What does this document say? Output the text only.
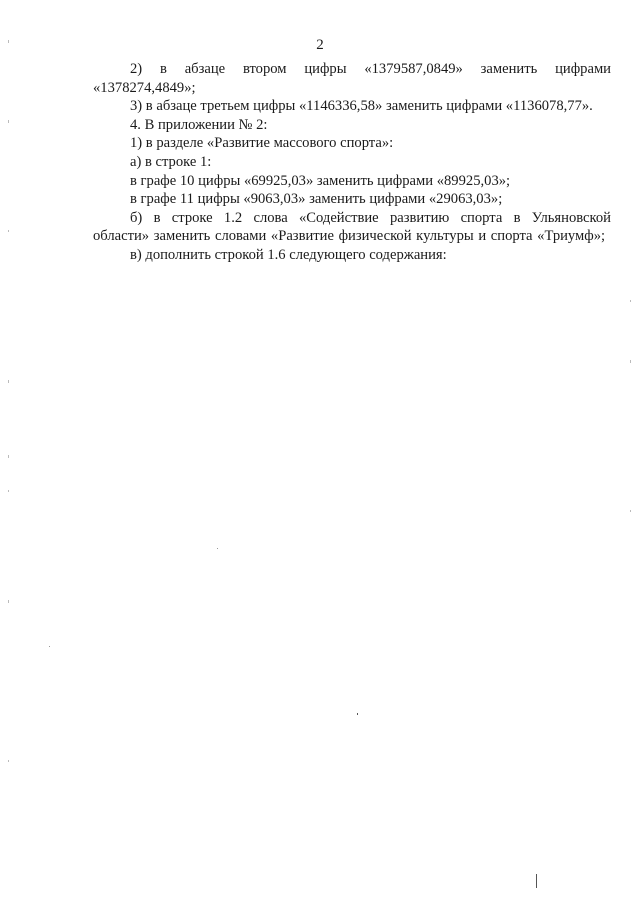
2

2) в абзаце втором цифры «1379587,0849» заменить цифрами «1378274,4849»;

3) в абзаце третьем цифры «1146336,58» заменить цифрами «1136078,77».

4. В приложении № 2:

1) в разделе «Развитие массового спорта»:

а) в строке 1:

в графе 10 цифры «69925,03» заменить цифрами «89925,03»;

в графе 11 цифры «9063,03» заменить цифрами «29063,03»;

б) в строке 1.2 слова «Содействие развитию спорта в Ульяновской области» заменить словами «Развитие физической культуры и спорта «Триумф»;

в) дополнить строкой 1.6 следующего содержания:
